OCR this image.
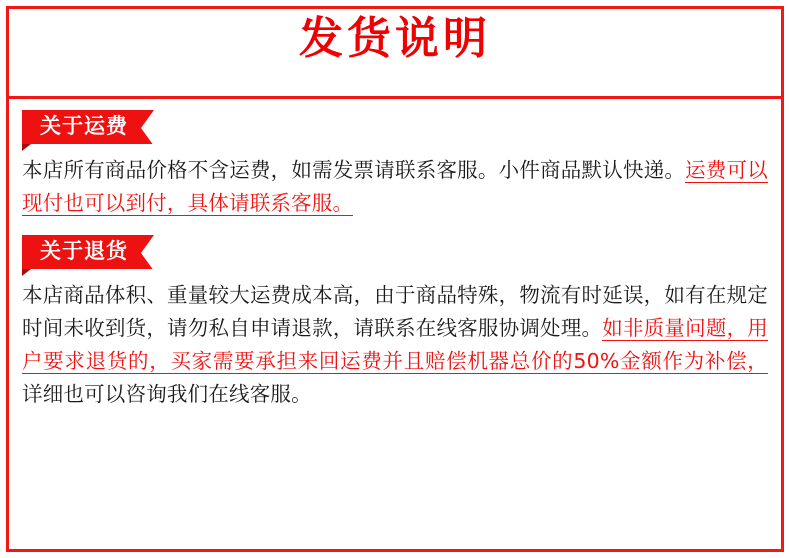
发货说明
关于运费

本店所有商品价格不含运费，如需发票请联系客服。小件商品默认快递。运费可以现付也可以到付，具体请联系客服。

关于退货

本店商品体积、重量较大运费成本高，由于商品特殊，物流有时延误，如有在规定时间未收到货，请勿私自申请退款，请联系在线客服协调处理。如非质量问题，用户要求退货的，买家需要承担来回运费并且赔偿机器总价的50%金额作为补偿，详细也可以咨询我们在线客服。
